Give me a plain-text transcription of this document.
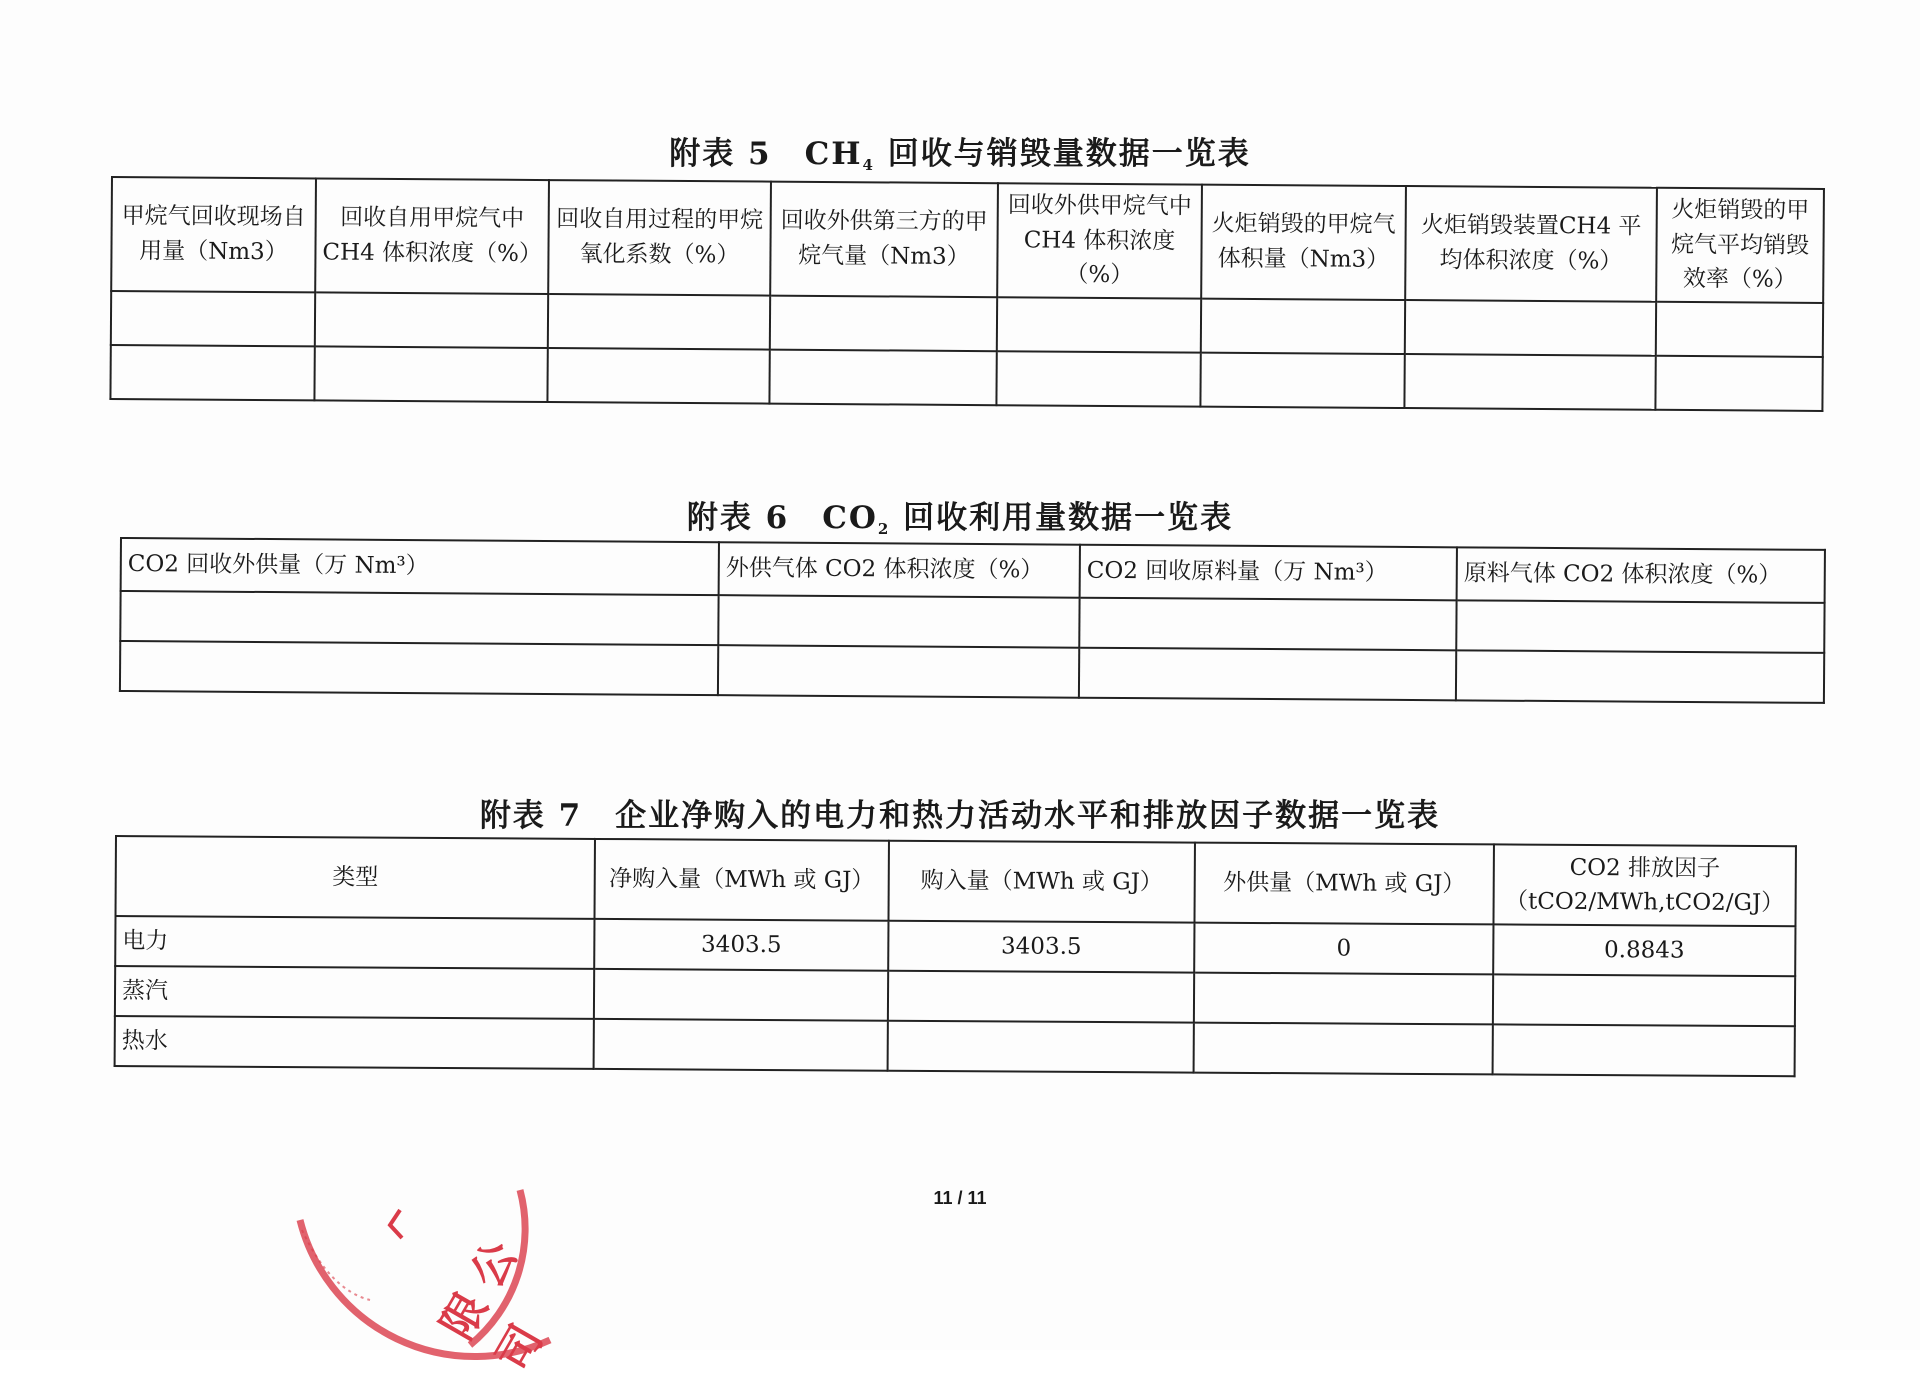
附表 5　$CH_4$ 回收与销毁量数据一览表
甲烷气回收现场自用量（Nm3）	回收自用甲烷气中CH4 体积浓度（%）	回收自用过程的甲烷氧化系数（%）	回收外供第三方的甲烷气量（Nm3）	回收外供甲烷气中 CH4 体积浓度（%）	火炬销毁的甲烷气体积量（Nm3）	火炬销毁装置CH4 平均体积浓度（%）	火炬销毁的甲烷气平均销毁效率（%）

附表 6　$CO_2$ 回收利用量数据一览表
CO2 回收外供量（万 Nm³）	外供气体 CO2 体积浓度（%）	CO2 回收原料量（万 Nm³）	原料气体 CO2 体积浓度（%）

附表 7　企业净购入的电力和热力活动水平和排放因子数据一览表
类型	净购入量（MWh 或 GJ）	购入量（MWh 或 GJ）	外供量（MWh 或 GJ）	CO2 排放因子（tCO2/MWh,tCO2/GJ）
电力	3403.5	3403.5	0	0.8843
蒸汽				
热水				
11 / 11
限 公 司
